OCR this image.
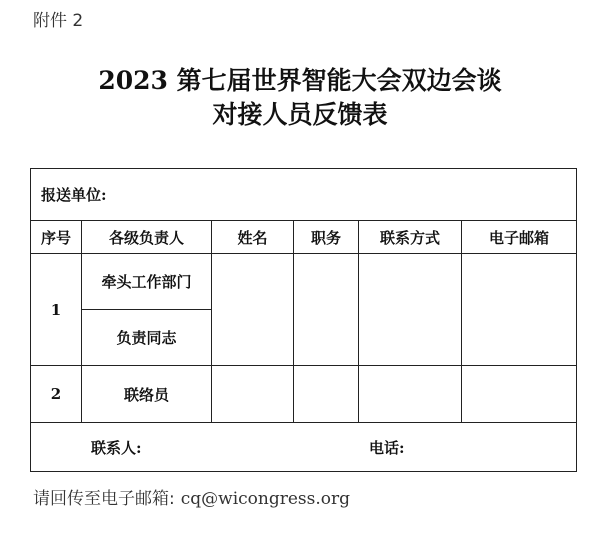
附件 2
2023 第七届世界智能大会双边会谈
对接人员反馈表
报送单位:					
序号	各级负责人	姓名	职务	联系方式	电子邮箱
1	牵头工作部门				
	负责同志				
2	联络员				

联系人: 电话:					
请回传至电子邮箱: cq@wicongress.org
